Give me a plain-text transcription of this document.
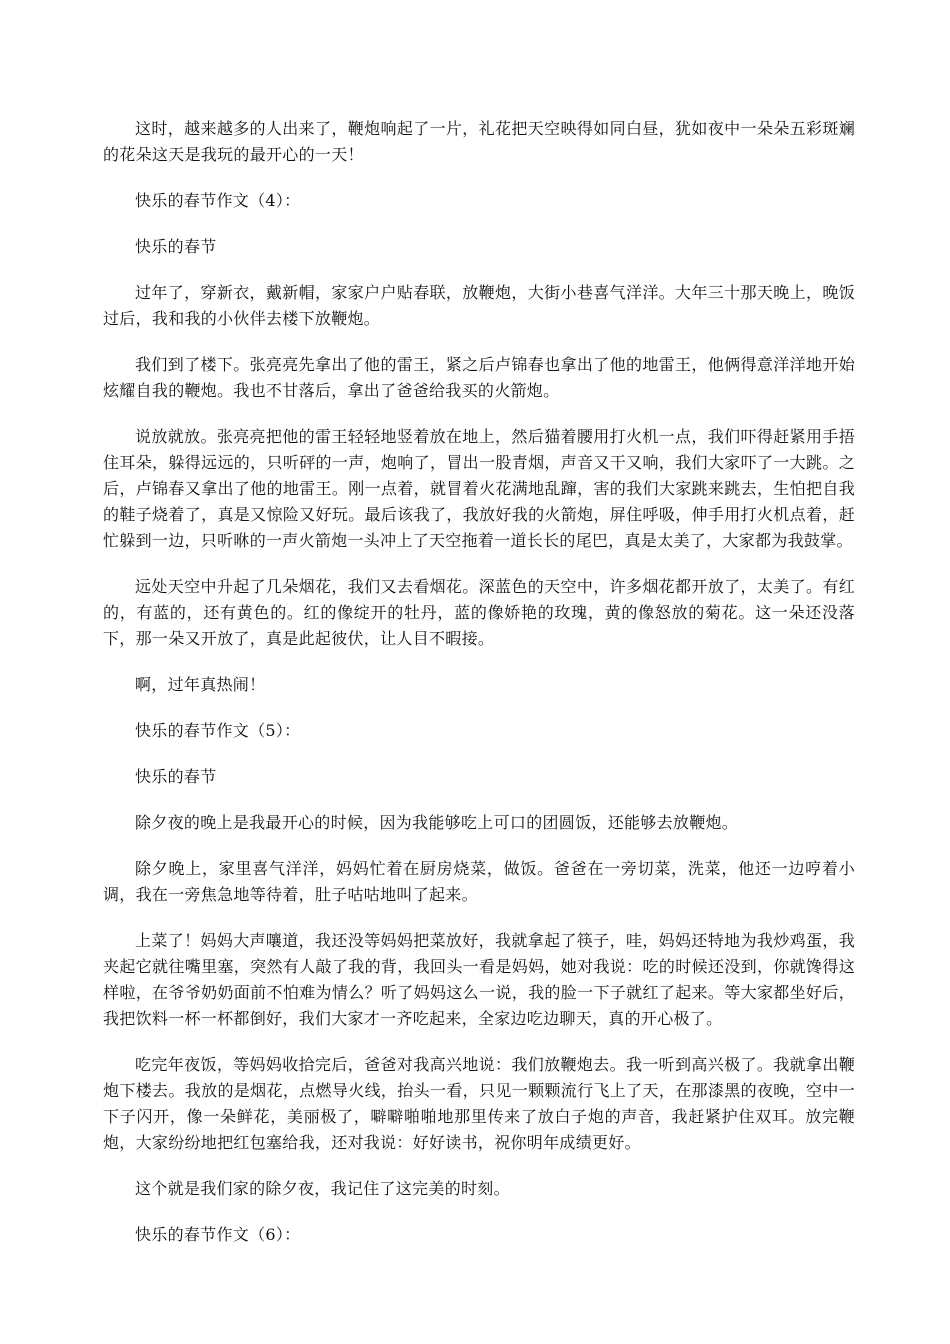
这时，越来越多的人出来了，鞭炮响起了一片，礼花把天空映得如同白昼，犹如夜中一朵朵五彩斑斓的花朵这天是我玩的最开心的一天！

快乐的春节作文（4）：

快乐的春节

过年了，穿新衣，戴新帽，家家户户贴春联，放鞭炮，大街小巷喜气洋洋。大年三十那天晚上，晚饭过后，我和我的小伙伴去楼下放鞭炮。

我们到了楼下。张亮亮先拿出了他的雷王，紧之后卢锦春也拿出了他的地雷王，他俩得意洋洋地开始炫耀自我的鞭炮。我也不甘落后，拿出了爸爸给我买的火箭炮。

说放就放。张亮亮把他的雷王轻轻地竖着放在地上，然后猫着腰用打火机一点，我们吓得赶紧用手捂住耳朵，躲得远远的，只听砰的一声，炮响了，冒出一股青烟，声音又干又响，我们大家吓了一大跳。之后，卢锦春又拿出了他的地雷王。刚一点着，就冒着火花满地乱蹿，害的我们大家跳来跳去，生怕把自我的鞋子烧着了，真是又惊险又好玩。最后该我了，我放好我的火箭炮，屏住呼吸，伸手用打火机点着，赶忙躲到一边，只听咻的一声火箭炮一头冲上了天空拖着一道长长的尾巴，真是太美了，大家都为我鼓掌。

远处天空中升起了几朵烟花，我们又去看烟花。深蓝色的天空中，许多烟花都开放了，太美了。有红的，有蓝的，还有黄色的。红的像绽开的牡丹，蓝的像娇艳的玫瑰，黄的像怒放的菊花。这一朵还没落下，那一朵又开放了，真是此起彼伏，让人目不暇接。

啊，过年真热闹！

快乐的春节作文（5）：

快乐的春节

除夕夜的晚上是我最开心的时候，因为我能够吃上可口的团圆饭，还能够去放鞭炮。

除夕晚上，家里喜气洋洋，妈妈忙着在厨房烧菜，做饭。爸爸在一旁切菜，洗菜，他还一边哼着小调，我在一旁焦急地等待着，肚子咕咕地叫了起来。

上菜了！妈妈大声嚷道，我还没等妈妈把菜放好，我就拿起了筷子，哇，妈妈还特地为我炒鸡蛋，我夹起它就往嘴里塞，突然有人敲了我的背，我回头一看是妈妈，她对我说：吃的时候还没到，你就馋得这样啦，在爷爷奶奶面前不怕难为情么？听了妈妈这么一说，我的脸一下子就红了起来。等大家都坐好后，我把饮料一杯一杯都倒好，我们大家才一齐吃起来，全家边吃边聊天，真的开心极了。

吃完年夜饭，等妈妈收拾完后，爸爸对我高兴地说：我们放鞭炮去。我一听到高兴极了。我就拿出鞭炮下楼去。我放的是烟花，点燃导火线，抬头一看，只见一颗颗流行飞上了天，在那漆黑的夜晚，空中一下子闪开，像一朵鲜花，美丽极了，噼噼啪啪地那里传来了放白子炮的声音，我赶紧护住双耳。放完鞭炮，大家纷纷地把红包塞给我，还对我说：好好读书，祝你明年成绩更好。

这个就是我们家的除夕夜，我记住了这完美的时刻。

快乐的春节作文（6）：
